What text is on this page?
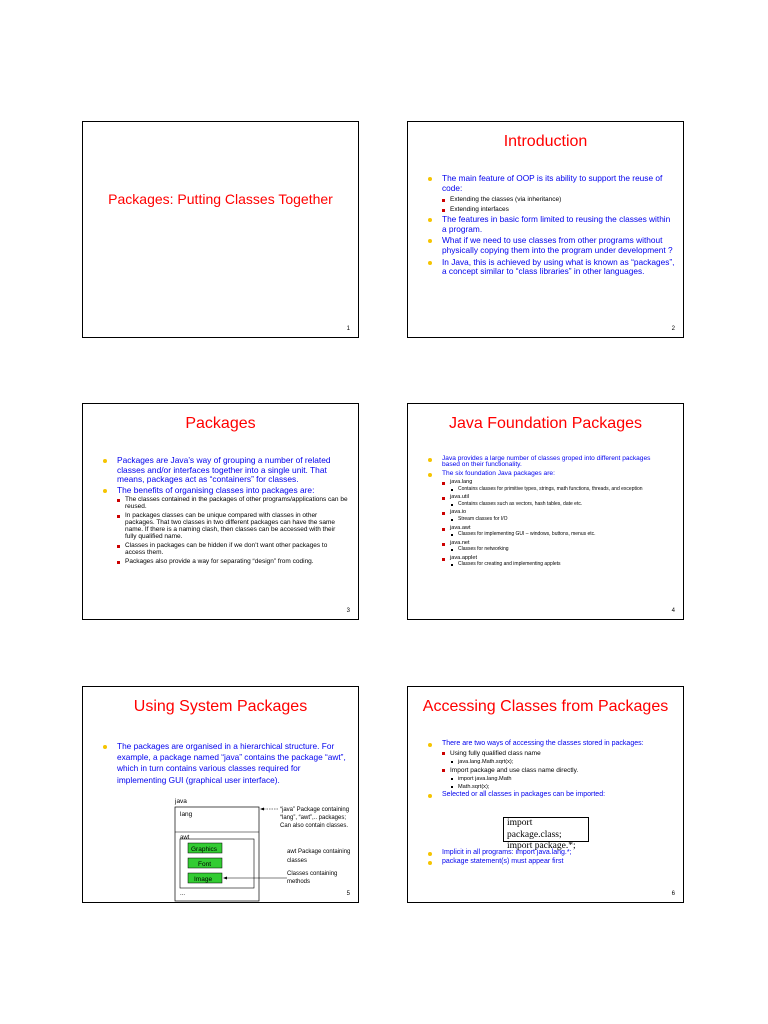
Packages: Putting Classes Together
1
Introduction
The main feature of OOP is its ability to support the reuse of code:
Extending the classes (via inheritance)
Extending interfaces
The features in basic form limited to reusing the classes within a program.
What if we need to use classes from other programs without physically copying them into the program under development ?
In Java, this is achieved by using what is known as “packages”, a concept similar to “class libraries” in other languages.
2
Packages
Packages are Java’s way of grouping a number of related classes and/or interfaces together into a single unit. That means, packages act as “containers” for classes.
The benefits of organising classes into packages are:
The classes contained in the packages of other programs/applications can be reused.
In packages classes can be unique compared with classes in other packages. That two classes in two different packages can have the same name. If there is a naming clash, then classes can be accessed with their fully qualified name.
Classes in packages can be hidden if we don’t want other packages to access them.
Packages also provide a way for separating “design” from coding.
3
Java Foundation Packages
Java provides a large number of classes groped into different packages based on their functionality.
The six foundation Java packages are:
java.lang
Contains classes for primitive types, strings, math functions, threads, and exception
java.util
Contains classes such as vectors, hash tables, date etc.
java.io
Stream classes for I/O
java.awt
Classes for implementing GUI – windows, buttons, menus etc.
java.net
Classes for networking
java.applet
Classes for creating and implementing applets
4
Using System Packages
The packages are organised in a hierarchical structure. For example, a package named “java” contains the package “awt”, which in turn contains various classes required for implementing GUI (graphical user interface).
java
lang
awt
Graphics
Font
Image
...
“java” Package containing “lang”, “awt”,.. packages; Can also contain classes.
awt Package containing classes
Classes containing methods
5
Accessing Classes from Packages
There are two ways of accessing the classes stored in packages:
Using fully qualified class name
java.lang.Math.sqrt(x);
Import package and use class name directly.
import java.lang.Math
Math.sqrt(x);
Selected or all classes in packages can be imported:
import package.class;
import package.*;
Implicit in all programs: import java.lang.*;
package statement(s) must appear first
6
